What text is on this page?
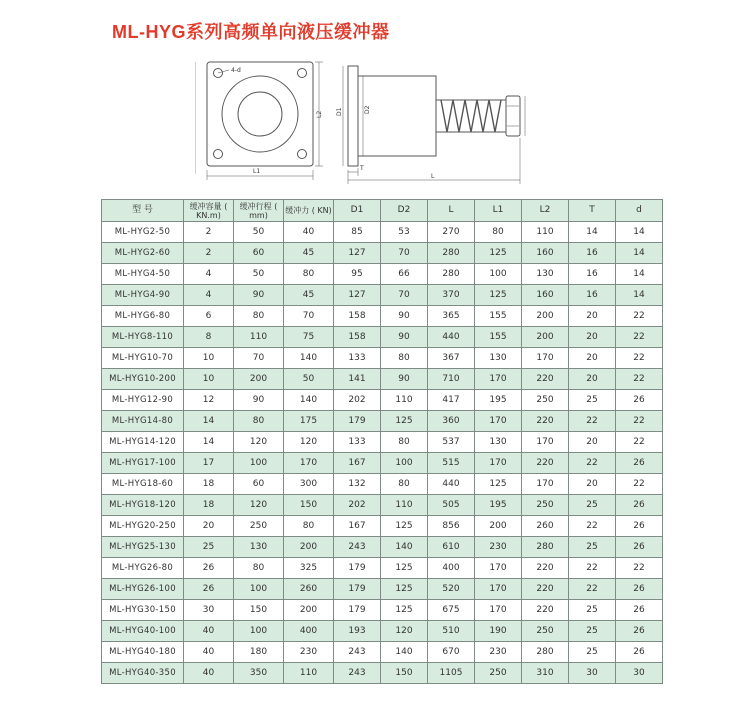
ML-HYG系列高频单向液压缓冲器
4-d
L1
L2 D1	D2
T
L
型 号	缓冲容量 ( KN.m)	缓冲行程 ( mm)	缓冲力 ( KN)	D1	D2	L	L1	L2	T	d
ML-HYG2-50	2	50	40	85	53	270	80	110	14	14
ML-HYG2-60	2	60	45	127	70	280	125	160	16	14
ML-HYG4-50	4	50	80	95	66	280	100	130	16	14
ML-HYG4-90	4	90	45	127	70	370	125	160	16	14
ML-HYG6-80	6	80	70	158	90	365	155	200	20	22
ML-HYG8-110	8	110	75	158	90	440	155	200	20	22
ML-HYG10-70	10	70	140	133	80	367	130	170	20	22
ML-HYG10-200	10	200	50	141	90	710	170	220	20	22
ML-HYG12-90	12	90	140	202	110	417	195	250	25	26
ML-HYG14-80	14	80	175	179	125	360	170	220	22	22
ML-HYG14-120	14	120	120	133	80	537	130	170	20	22
ML-HYG17-100	17	100	170	167	100	515	170	220	22	26
ML-HYG18-60	18	60	300	132	80	440	125	170	20	22
ML-HYG18-120	18	120	150	202	110	505	195	250	25	26
ML-HYG20-250	20	250	80	167	125	856	200	260	22	26
ML-HYG25-130	25	130	200	243	140	610	230	280	25	26
ML-HYG26-80	26	80	325	179	125	400	170	220	22	22
ML-HYG26-100	26	100	260	179	125	520	170	220	22	26
ML-HYG30-150	30	150	200	179	125	675	170	220	25	26
ML-HYG40-100	40	100	400	193	120	510	190	250	25	26
ML-HYG40-180	40	180	230	243	140	670	230	280	25	26
ML-HYG40-350	40	350	110	243	150	1105	250	310	30	30
